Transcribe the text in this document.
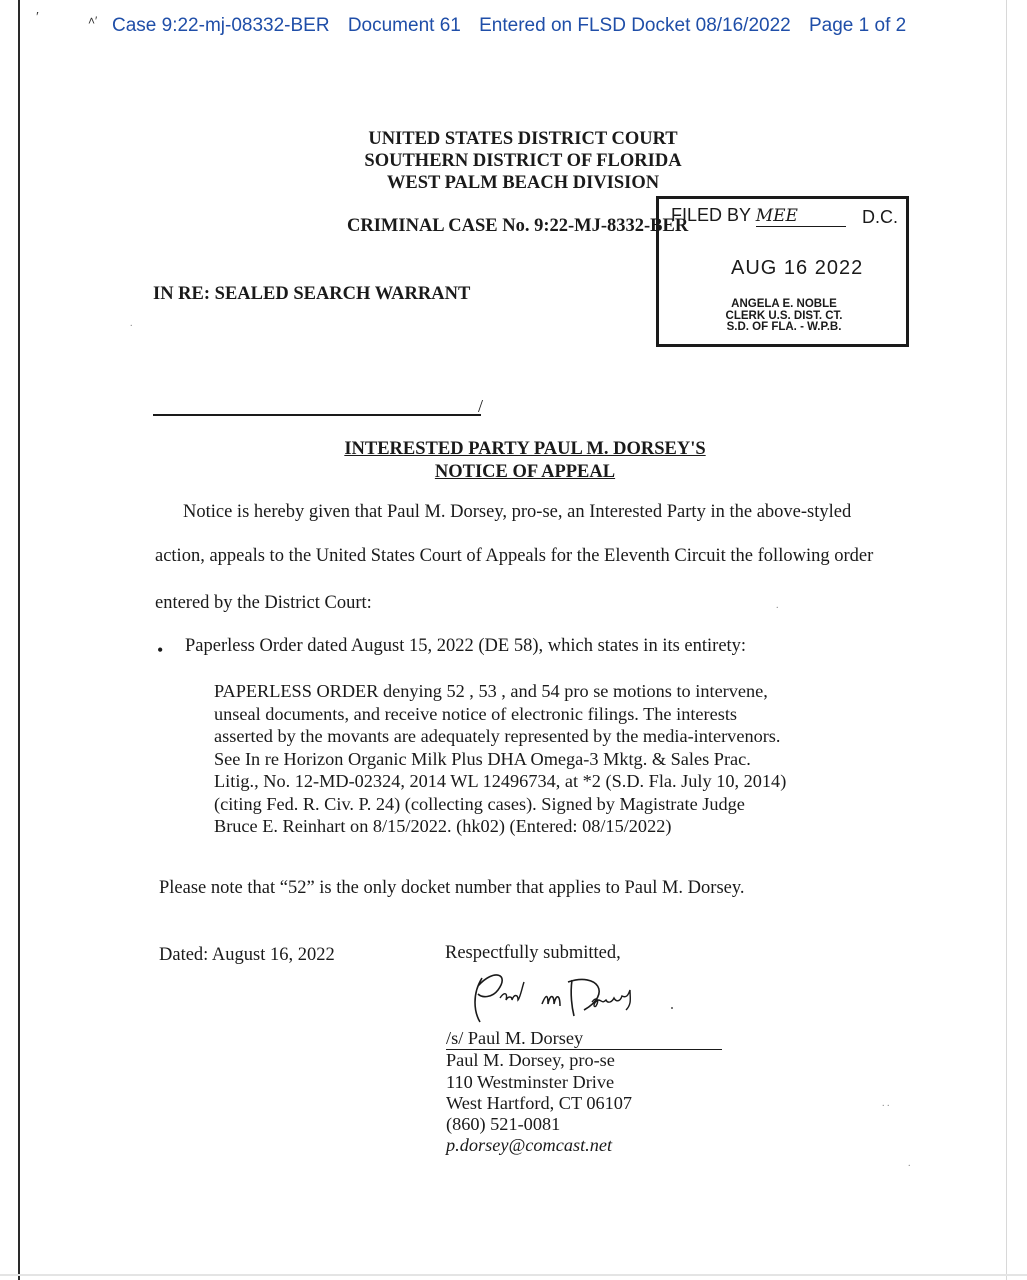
′	˄′ Case 9:22-mj-08332-BER Document 61 Entered on FLSD Docket 08/16/2022 Page 1 of 2
UNITED STATES DISTRICT COURT
SOUTHERN DISTRICT OF FLORIDA
WEST PALM BEACH DIVISION
CRIMINAL CASE No. 9:22-MJ-8332-BER
IN RE: SEALED SEARCH WARRANT
FILED BY MEE	D.C.
AUG 16 2022
ANGELA E. NOBLE
CLERK U.S. DIST. CT.
S.D. OF FLA. - W.P.B.
/
INTERESTED PARTY PAUL M. DORSEY'S
NOTICE OF APPEAL
Notice is hereby given that Paul M. Dorsey, pro-se, an Interested Party in the above-styled
action, appeals to the United States Court of Appeals for the Eleventh Circuit the following order
entered by the District Court:
• Paperless Order dated August 15, 2022 (DE 58), which states in its entirety:
PAPERLESS ORDER denying 52 , 53 , and 54 pro se motions to intervene,
unseal documents, and receive notice of electronic filings. The interests
asserted by the movants are adequately represented by the media-intervenors.
See In re Horizon Organic Milk Plus DHA Omega-3 Mktg. & Sales Prac.
Litig., No. 12-MD-02324, 2014 WL 12496734, at *2 (S.D. Fla. July 10, 2014)
(citing Fed. R. Civ. P. 24) (collecting cases). Signed by Magistrate Judge
Bruce E. Reinhart on 8/15/2022. (hk02) (Entered: 08/15/2022)
Please note that “52” is the only docket number that applies to Paul M. Dorsey.
Dated: August 16, 2022	Respectfully submitted,
/s/ Paul M. Dorsey
Paul M. Dorsey, pro-se
110 Westminster Drive
West Hartford, CT 06107
(860) 521-0081
p.dorsey@comcast.net
.
.
. .
.
